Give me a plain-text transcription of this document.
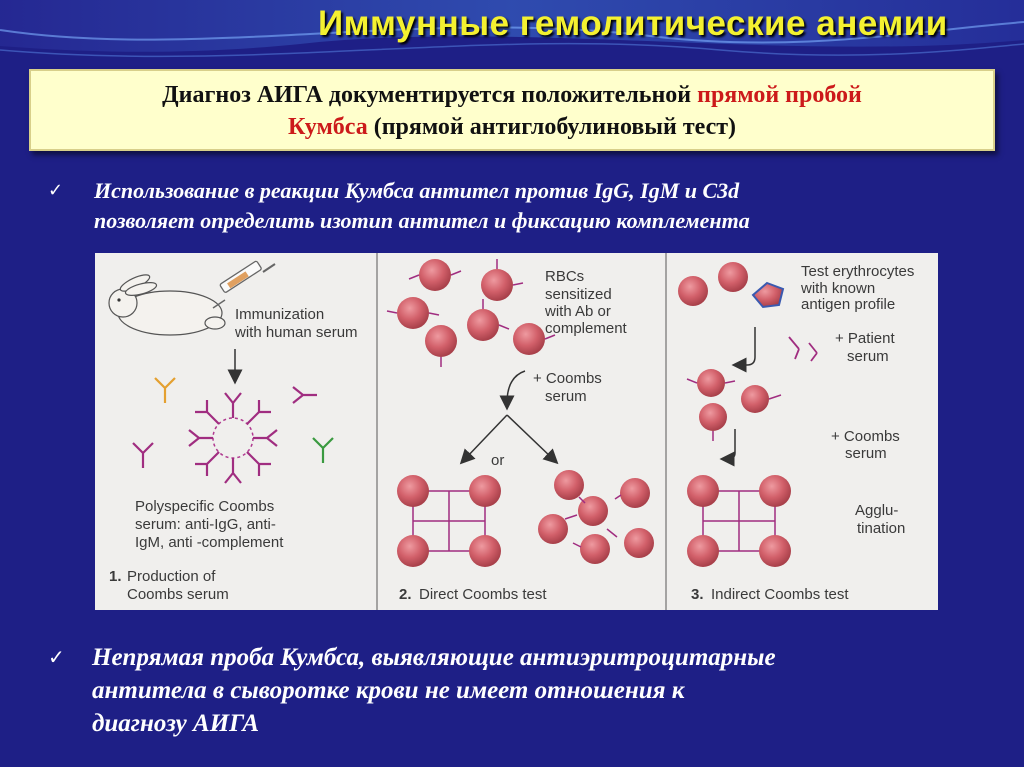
Иммунные гемолитические анемии
Диагноз АИГА документируется положительной прямой пробой
Кумбса (прямой антиглобулиновый тест)
✓ Использование в реакции Кумбса антител против IgG, IgM и С3d
позволяет определить изотип антител и фиксацию комплемента
Immunization
with human serum
Polyspecific Coombs
serum: anti-IgG, anti-
IgM, anti -complement
1. Production of
Coombs serum
RBCs
sensitized
with Ab or
complement
+ Coombs
serum
or
2. Direct Coombs test
Test erythrocytes
with known
antigen profile
+ Patient
serum
+ Coombs
serum
Agglu-
tination
3. Indirect Coombs test
✓ Непрямая проба Кумбса, выявляющие антиэритроцитарные
антитела в сыворотке крови не имеет отношения к
диагнозу АИГА
